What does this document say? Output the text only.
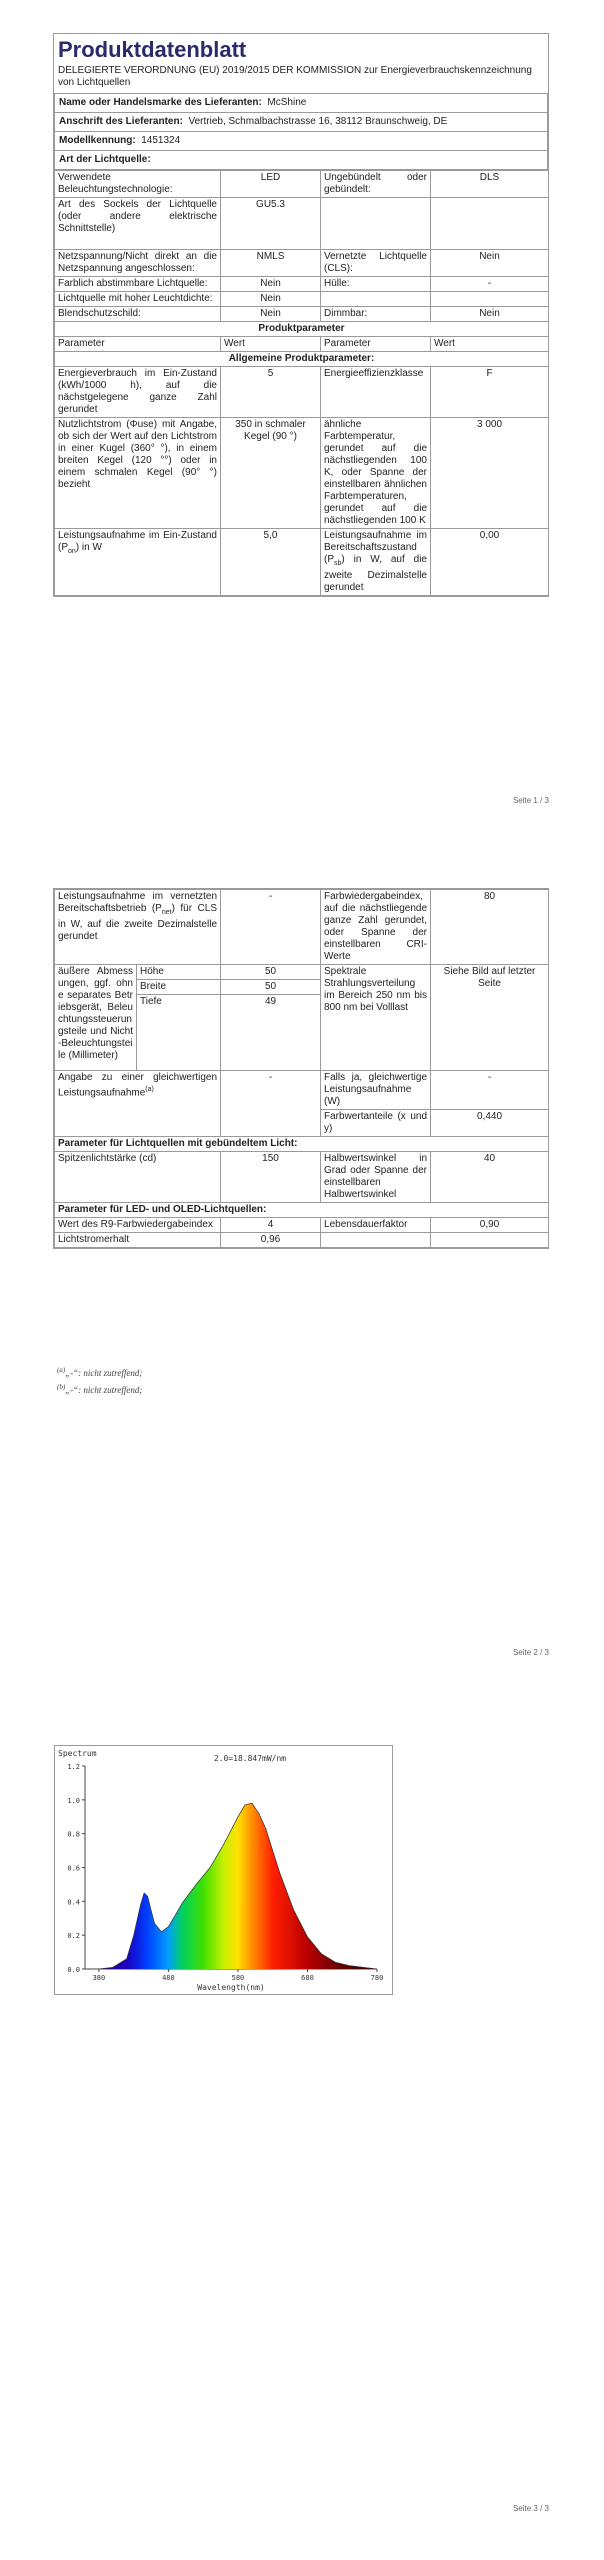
Produktdatenblatt
DELEGIERTE VERORDNUNG (EU) 2019/2015 DER KOMMISSION zur Energieverbrauchskennzeichnung von Lichtquellen
Name oder Handelsmarke des Lieferanten: McShine
Anschrift des Lieferanten: Vertrieb, Schmalbachstrasse 16, 38112 Braunschweig, DE
Modellkennung: 1451324
Art der Lichtquelle:
Verwendete Beleuchtungstechnologie:	LED	Ungebündelt oder gebündelt:	DLS
Art des Sockels der Lichtquelle (oder andere elektrische Schnittstelle)	GU5.3		
Netzspannung/Nicht direkt an die Netzspannung angeschlossen:	NMLS	Vernetzte Lichtquelle (CLS):	Nein
Farblich abstimmbare Lichtquelle:	Nein	Hülle:	-
Lichtquelle mit hoher Leuchtdichte:	Nein		
Blendschutzschild:	Nein	Dimmbar:	Nein
Produktparameter			
Parameter	Wert	Parameter	Wert
Allgemeine Produktparameter:			
Energieverbrauch im Ein-Zustand (kWh/1000 h), auf die nächstgelegene ganze Zahl gerundet	5	Energieeffizienzklasse	F
Nutzlichtstrom (Φuse) mit Angabe, ob sich der Wert auf den Lichtstrom in einer Kugel (360° °), in einem breiten Kegel (120 °°) oder in einem schmalen Kegel (90° °) bezieht	350 in schmaler Kegel (90 °)	ähnliche Farbtemperatur, gerundet auf die nächstliegenden 100 K, oder Spanne der einstellbaren ähnlichen Farbtemperaturen, gerundet auf die nächstliegenden 100 K	3 000
Leistungsaufnahme im Ein-Zustand $(P_{on})$ in W	5,0	Leistungsaufnahme im Bereitschaftszustand $(P_{sb})$ in W, auf die zweite Dezimalstelle gerundet	0,00
Seite 1 / 3
Leistungsaufnahme im vernetzten Bereitschaftsbetrieb $(P_{net})$ für CLS in W, auf die zweite Dezimalstelle gerundet		-	Farbwiedergabeindex, auf die nächstliegende ganze Zahl gerundet, oder Spanne der einstellbaren CRI-Werte	80
äußere Abmessungen, ggf. ohne separates Betriebsgerät, Beleuchtungssteuerungsteile und Nicht-Beleuchtungsteile (Millimeter)	Höhe	50	Spektrale Strahlungsverteilung im Bereich 250 nm bis 800 nm bei Volllast	Siehe Bild auf letzter Seite
	Breite	50		
	Tiefe	49		
Angabe zu einer gleichwertigen Leistungsaufnahme$^{(a)}$		-	Falls ja, gleichwertige Leistungsaufnahme (W)	-
			Farbwertanteile (x und y)	0,440
Parameter für Lichtquellen mit gebündeltem Licht:				
Spitzenlichtstärke (cd)		150	Halbwertswinkel in Grad oder Spanne der einstellbaren Halbwertswinkel	40
Parameter für LED- und OLED-Lichtquellen:				
Wert des R9-Farbwiedergabeindex		4	Lebensdauerfaktor	0,90
Lichtstromerhalt		0,96		
$^{(a)}$„-“: nicht zutreffend;
$^{(b)}$„-“: nicht zutreffend;
Seite 2 / 3
0.0
0.2
0.4
0.6
0.8
1.0
1.2
380	480	580	680	780
2.0=18.847mW/nm
Spectrum
Wavelength(nm)
Seite 3 / 3
